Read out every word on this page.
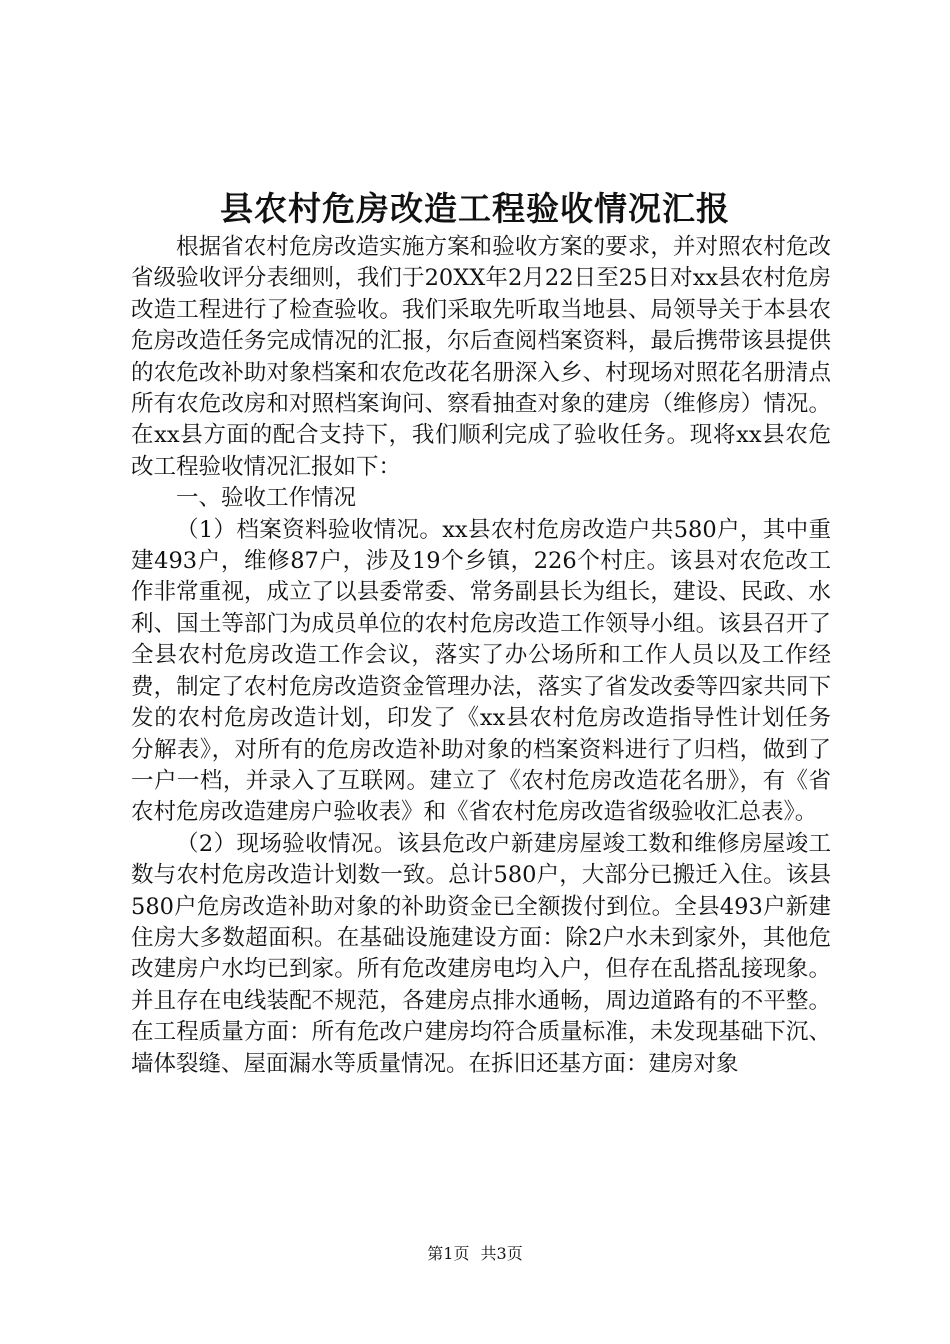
县农村危房改造工程验收情况汇报

根据省农村危房改造实施方案和验收方案的要求，并对照农村危改省级验收评分表细则，我们于20XX年2月22日至25日对xx县农村危房改造工程进行了检查验收。我们采取先听取当地县、局领导关于本县农危房改造任务完成情况的汇报，尔后查阅档案资料，最后携带该县提供的农危改补助对象档案和农危改花名册深入乡、村现场对照花名册清点所有农危改房和对照档案询问、察看抽查对象的建房（维修房）情况。在xx县方面的配合支持下，我们顺利完成了验收任务。现将xx县农危改工程验收情况汇报如下：

一、验收工作情况

（1）档案资料验收情况。xx县农村危房改造户共580户，其中重建493户，维修87户，涉及19个乡镇，226个村庄。该县对农危改工作非常重视，成立了以县委常委、常务副县长为组长，建设、民政、水利、国土等部门为成员单位的农村危房改造工作领导小组。该县召开了全县农村危房改造工作会议，落实了办公场所和工作人员以及工作经费，制定了农村危房改造资金管理办法，落实了省发改委等四家共同下发的农村危房改造计划，印发了《xx县农村危房改造指导性计划任务分解表》，对所有的危房改造补助对象的档案资料进行了归档，做到了一户一档，并录入了互联网。建立了《农村危房改造花名册》，有《省农村危房改造建房户验收表》和《省农村危房改造省级验收汇总表》。

（2）现场验收情况。该县危改户新建房屋竣工数和维修房屋竣工数与农村危房改造计划数一致。总计580户，大部分已搬迁入住。该县580户危房改造补助对象的补助资金已全额拨付到位。全县493户新建住房大多数超面积。在基础设施建设方面：除2户水未到家外，其他危改建房户水均已到家。所有危改建房电均入户，但存在乱搭乱接现象。并且存在电线装配不规范，各建房点排水通畅，周边道路有的不平整。在工程质量方面：所有危改户建房均符合质量标准，未发现基础下沉、墙体裂缝、屋面漏水等质量情况。在拆旧还基方面：建房对象

第1页 共3页
